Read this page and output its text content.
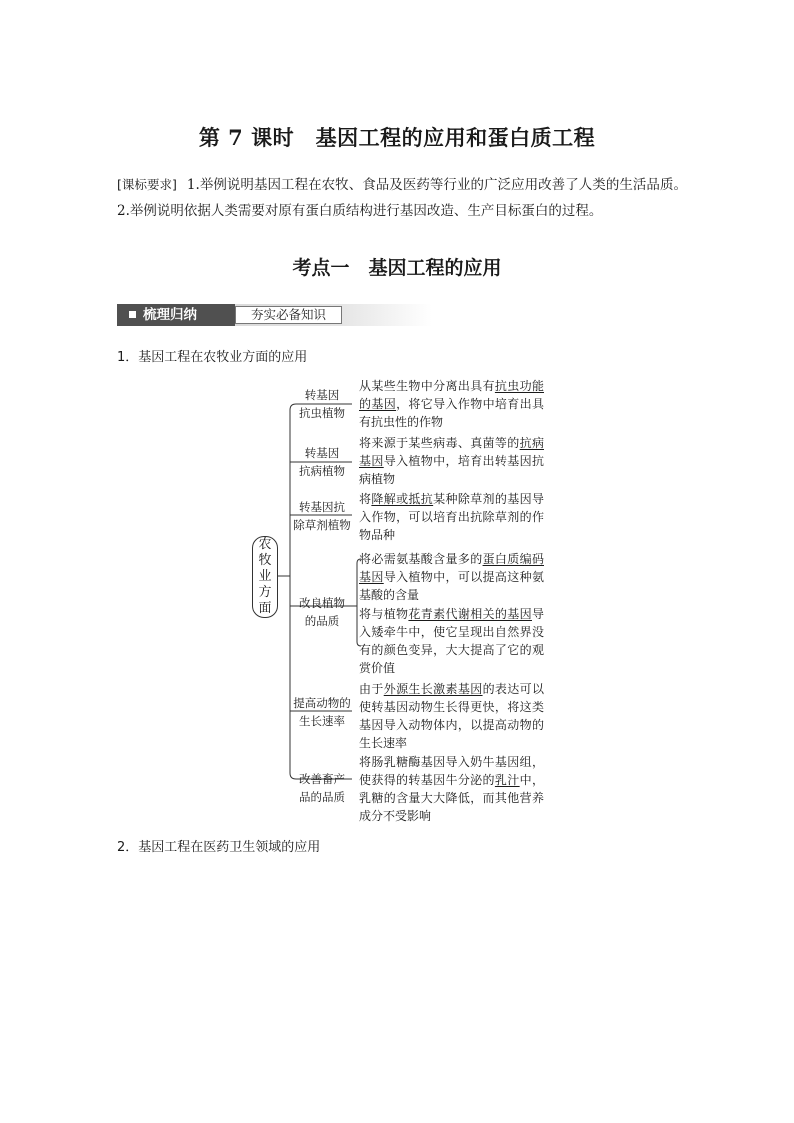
第 7 课时　基因工程的应用和蛋白质工程
[课标要求] 1.举例说明基因工程在农牧、食品及医药等行业的广泛应用改善了人类的生活品质。2.举例说明依据人类需要对原有蛋白质结构进行基因改造、生产目标蛋白的过程。
考点一　基因工程的应用
梳理归纳	夯实必备知识
1．基因工程在农牧业方面的应用
农
牧
业
方
面
转基因
抗虫植物
转基因
抗病植物
转基因抗
除草剂植物
改良植物
的品质
提高动物的
生长速率
改善畜产
品的品质
从某些生物中分离出具有抗虫功能的基因，将它导入作物中培育出具有抗虫性的作物
将来源于某些病毒、真菌等的抗病基因导入植物中，培育出转基因抗病植物
将降解或抵抗某种除草剂的基因导入作物，可以培育出抗除草剂的作物品种
将必需氨基酸含量多的蛋白质编码基因导入植物中，可以提高这种氨基酸的含量
将与植物花青素代谢相关的基因导入矮牵牛中，使它呈现出自然界没有的颜色变异，大大提高了它的观赏价值
由于外源生长激素基因的表达可以使转基因动物生长得更快，将这类基因导入动物体内，以提高动物的生长速率
将肠乳糖酶基因导入奶牛基因组，使获得的转基因牛分泌的乳汁中，乳糖的含量大大降低，而其他营养成分不受影响
2．基因工程在医药卫生领域的应用
